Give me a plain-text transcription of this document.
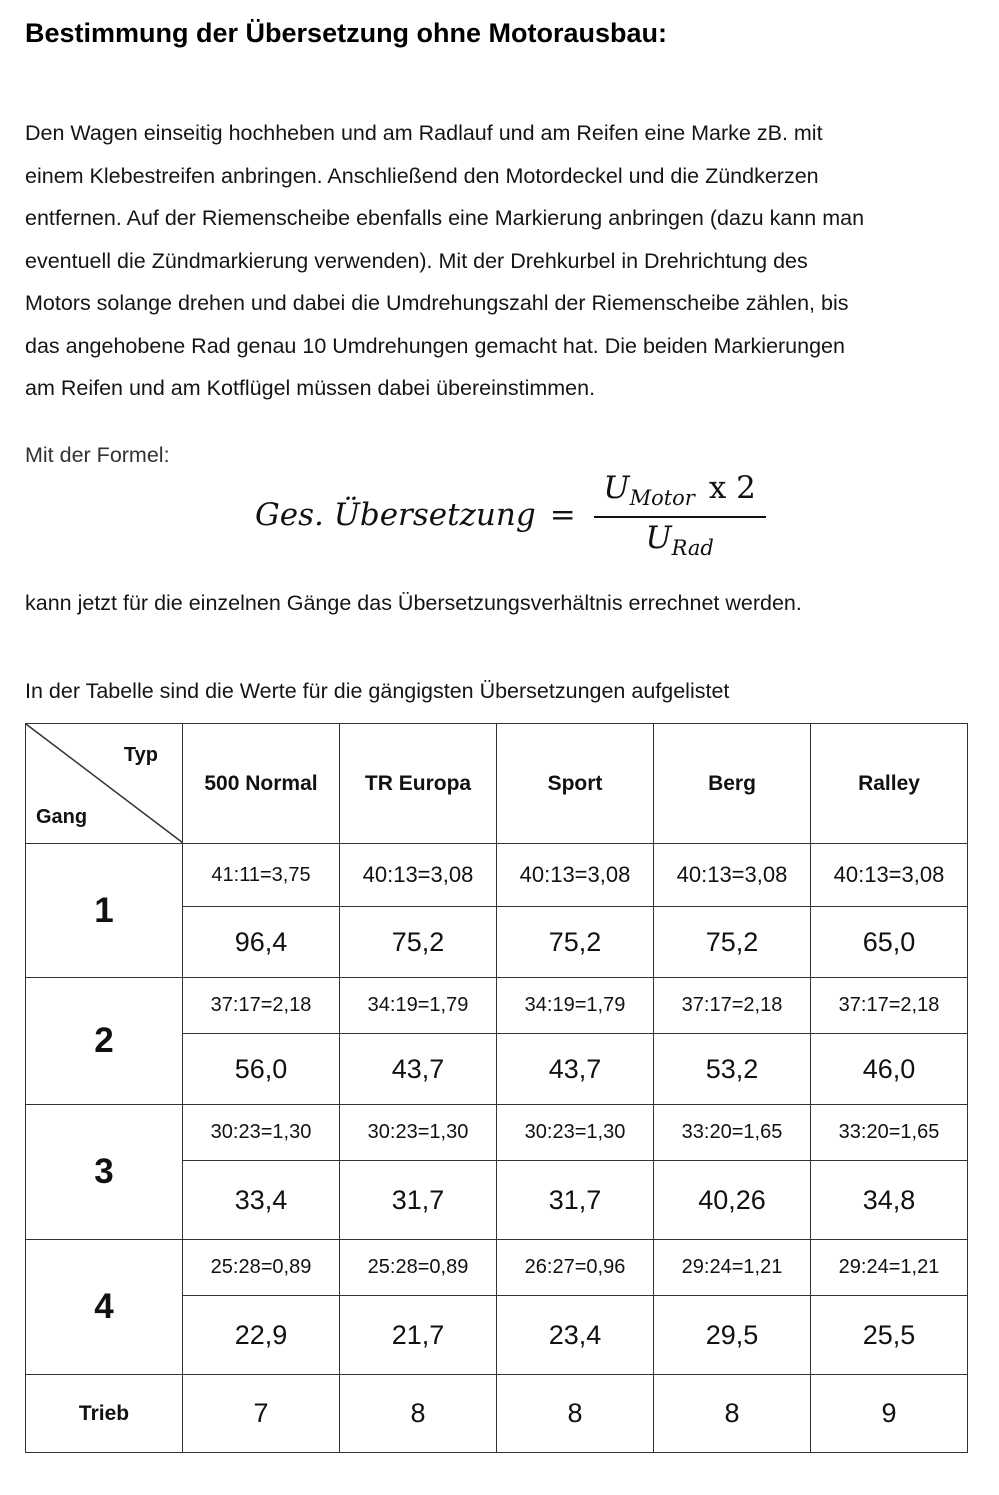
Bestimmung der Übersetzung ohne Motorausbau:
Den Wagen einseitig hochheben und am Radlauf und am Reifen eine Marke zB. mit
einem Klebestreifen anbringen. Anschließend den Motordeckel und die Zündkerzen
entfernen. Auf der Riemenscheibe ebenfalls eine Markierung anbringen (dazu kann man
eventuell die Zündmarkierung verwenden). Mit der Drehkurbel in Drehrichtung des
Motors solange drehen und dabei die Umdrehungszahl der Riemenscheibe zählen, bis
das angehobene Rad genau 10 Umdrehungen gemacht hat. Die beiden Markierungen
am Reifen und am Kotflügel müssen dabei übereinstimmen.
Mit der Formel:
Ges. Übersetzung = $\frac{U_{Motor} x 2}{U_{Rad}}$
kann jetzt für die einzelnen Gänge das Übersetzungsverhältnis errechnet werden.
In der Tabelle sind die Werte für die gängigsten Übersetzungen aufgelistet
Typ
Gang	500 Normal	TR Europa	Sport	Berg	Ralley
1	41:11=3,75	40:13=3,08	40:13=3,08	40:13=3,08	40:13=3,08
	96,4	75,2	75,2	75,2	65,0
2	37:17=2,18	34:19=1,79	34:19=1,79	37:17=2,18	37:17=2,18
	56,0	43,7	43,7	53,2	46,0
3	30:23=1,30	30:23=1,30	30:23=1,30	33:20=1,65	33:20=1,65
	33,4	31,7	31,7	40,26	34,8
4	25:28=0,89	25:28=0,89	26:27=0,96	29:24=1,21	29:24=1,21
	22,9	21,7	23,4	29,5	25,5
Trieb	7	8	8	8	9
